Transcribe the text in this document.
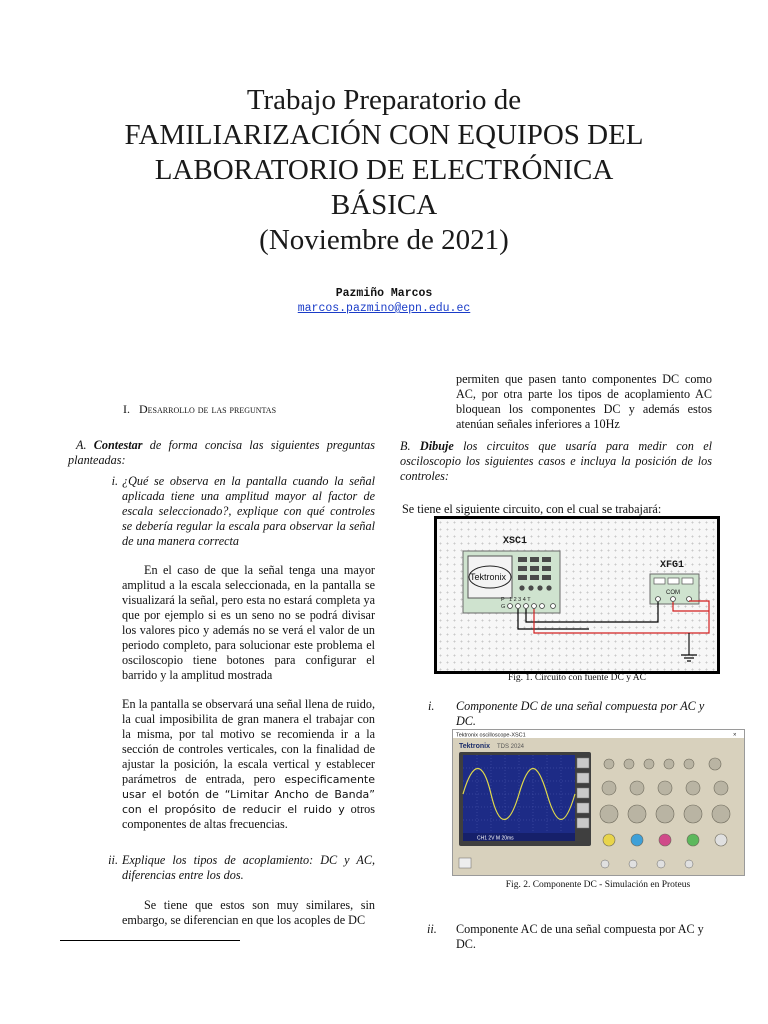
Trabajo Preparatorio de
FAMILIARIZACIÓN CON EQUIPOS DEL
LABORATORIO DE ELECTRÓNICA
BÁSICA
(Noviembre de 2021)
Pazmiño Marcos
marcos.pazmino@epn.edu.ec
I. Desarrollo de las preguntas
A. Contestar de forma concisa las siguientes preguntas planteadas:
i. ¿Qué se observa en la pantalla cuando la señal aplicada tiene una amplitud mayor al factor de escala seleccionado?, explique con qué controles se debería regular la escala para observar la señal de una manera correcta
En el caso de que la señal tenga una mayor amplitud a la escala seleccionada, en la pantalla se visualizará la señal, pero esta no estará completa ya que por ejemplo si es un seno no se podrá divisar los valores pico y además no se verá el valor de un periodo completo, para solucionar este problema el osciloscopio tiene botones para configurar el barrido y la amplitud mostrada
En la pantalla se observará una señal llena de ruido, la cual imposibilita de gran manera el trabajar con la misma, por tal motivo se recomienda ir a la sección de controles verticales, con la finalidad de ajustar la posición, la escala vertical y establecer parámetros de entrada, pero especificamente usar el botón de “Limitar Ancho de Banda” con el propósito de reducir el ruido y otros componentes de altas frecuencias.
ii. Explique los tipos de acoplamiento: DC y AC, diferencias entre los dos.
Se tiene que estos son muy similares, sin embargo, se diferencian en que los acoples de DC
permiten que pasen tanto componentes DC como AC, por otra parte los tipos de acoplamiento AC bloquean los componentes DC y además estos atenúan señales inferiores a 10Hz
B. Dibuje los circuitos que usaría para medir con el osciloscopio los siguientes casos e incluya la posición de los controles:
Se tiene el siguiente circuito, con el cual se trabajará:
XSC1
Tektronix
1 2 3 4 T
P
G
XFG1
COM
Fig. 1. Circuito con fuente DC y AC
i.	Componente DC de una señal compuesta por AC y DC.
Tektronix oscilloscope-XSC1	×
Tektronix TDS 2024
CH1 2V M 20ms
Fig. 2. Componente DC - Simulación en Proteus
ii.	Componente AC de una señal compuesta por AC y DC.
